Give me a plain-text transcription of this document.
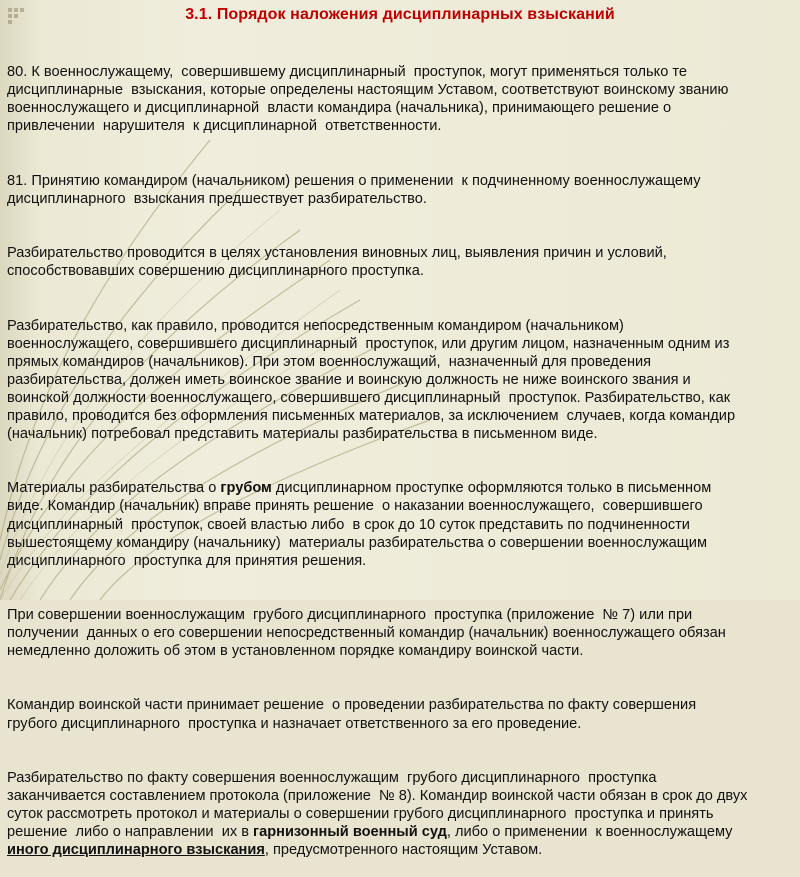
3.1. Порядок наложения дисциплинарных взысканий

80. К военнослужащему,  совершившему дисциплинарный  проступок, могут применяться только те
дисциплинарные  взыскания, которые определены настоящим Уставом, соответствуют воинскому званию
военнослужащего и дисциплинарной  власти командира (начальника), принимающего решение о
привлечении  нарушителя  к дисциплинарной  ответственности.

81. Принятию командиром (начальником) решения о применении  к подчиненному военнослужащему
дисциплинарного  взыскания предшествует разбирательство.

Разбирательство проводится в целях установления виновных лиц, выявления причин и условий,
способствовавших совершению дисциплинарного проступка.

Разбирательство, как правило, проводится непосредственным командиром (начальником)
военнослужащего, совершившего дисциплинарный  проступок, или другим лицом, назначенным одним из
прямых командиров (начальников). При этом военнослужащий,  назначенный для проведения
разбирательства, должен иметь воинское звание и воинскую должность не ниже воинского звания и
воинской должности военнослужащего, совершившего дисциплинарный  проступок. Разбирательство, как
правило, проводится без оформления письменных материалов, за исключением  случаев, когда командир
(начальник) потребовал представить материалы разбирательства в письменном виде.

Материалы разбирательства о грубом дисциплинарном проступке оформляются только в письменном
виде. Командир (начальник) вправе принять решение  о наказании военнослужащего,  совершившего
дисциплинарный  проступок, своей властью либо  в срок до 10 суток представить по подчиненности
вышестоящему командиру (начальнику)  материалы разбирательства о совершении военнослужащим
дисциплинарного  проступка для принятия решения.

При совершении военнослужащим  грубого дисциплинарного  проступка (приложение  № 7) или при
получении  данных о его совершении непосредственный командир (начальник) военнослужащего обязан
немедленно доложить об этом в установленном порядке командиру воинской части.

Командир воинской части принимает решение  о проведении разбирательства по факту совершения
грубого дисциплинарного  проступка и назначает ответственного за его проведение.

Разбирательство по факту совершения военнослужащим  грубого дисциплинарного  проступка
заканчивается составлением протокола (приложение  № 8). Командир воинской части обязан в срок до двух
суток рассмотреть протокол и материалы о совершении грубого дисциплинарного  проступка и принять
решение  либо о направлении  их в гарнизонный военный суд, либо о применении  к военнослужащему
иного дисциплинарного взыскания, предусмотренного настоящим Уставом.
